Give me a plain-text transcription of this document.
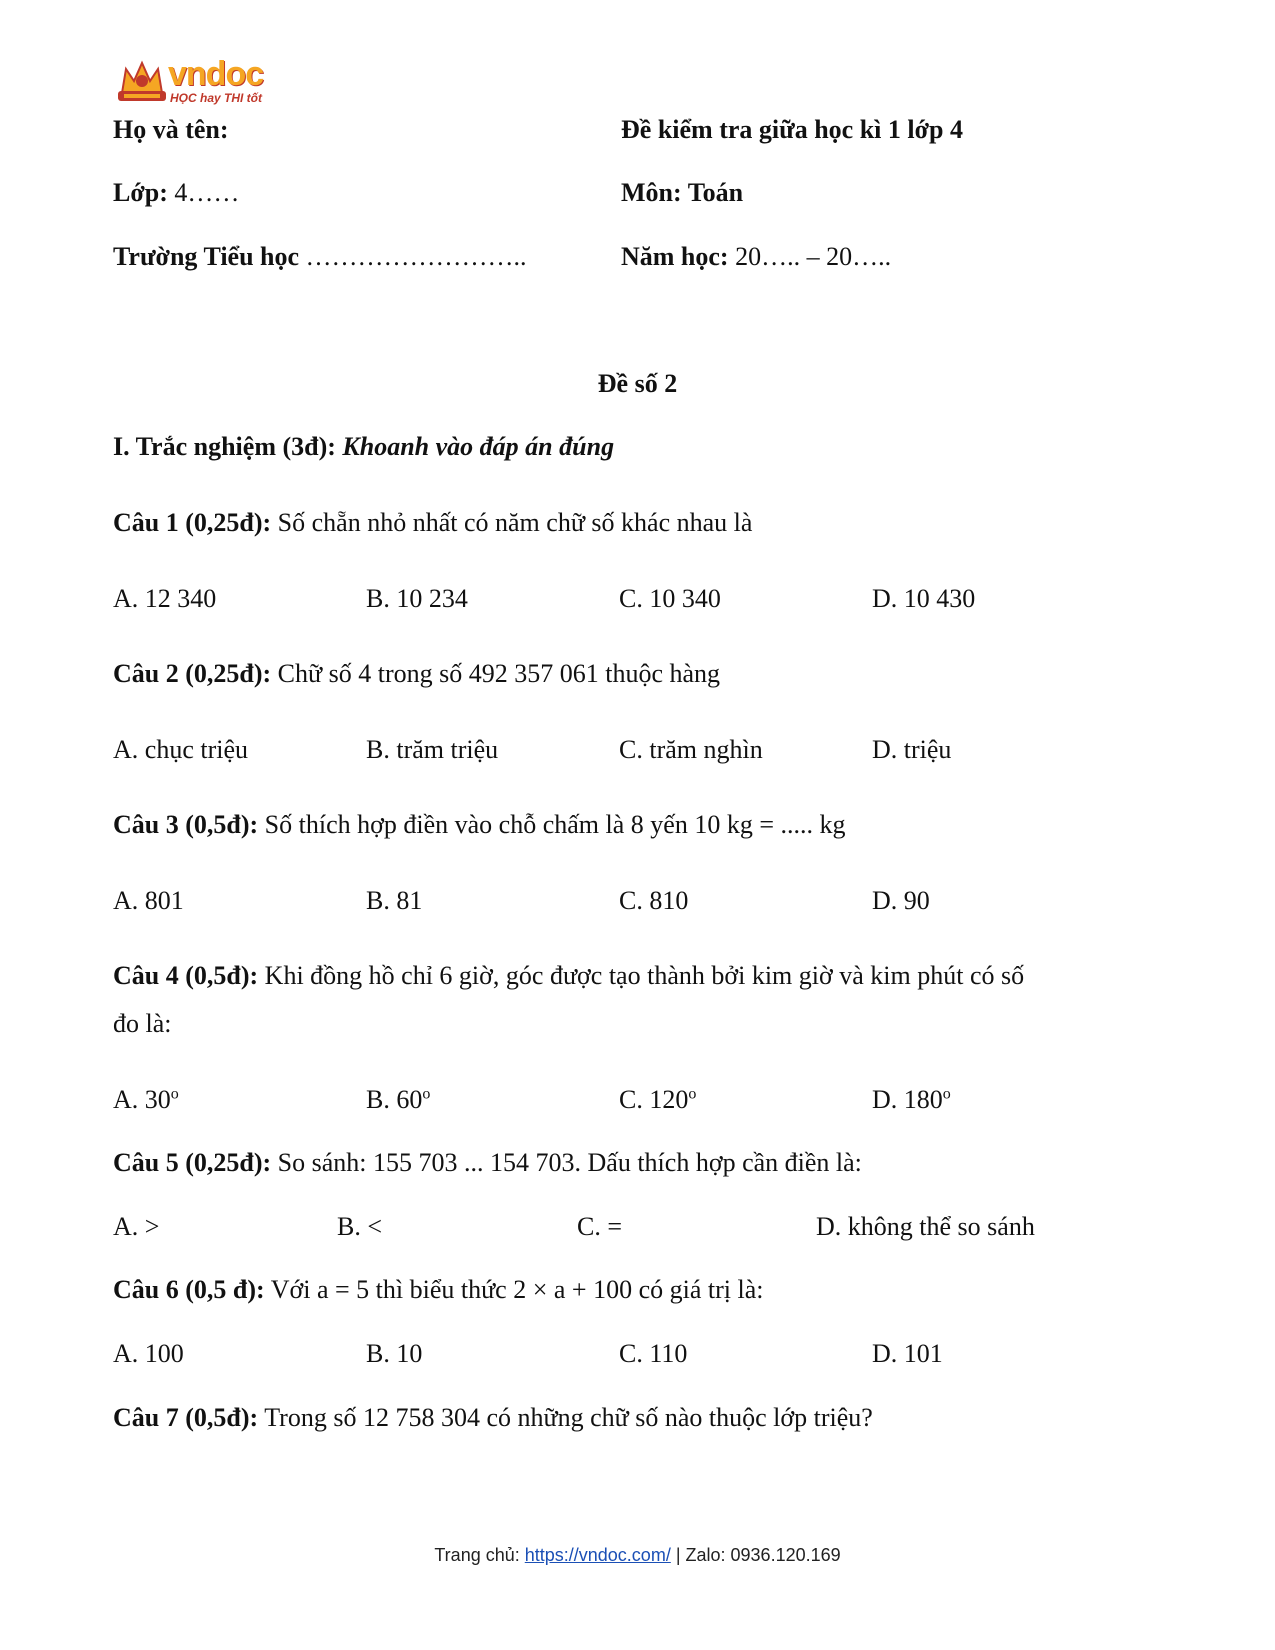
vndoc
HỌC hay THI tốt
Họ và tên:	Đề kiểm tra giữa học kì 1 lớp 4
Lớp: 4……	Môn: Toán
Trường Tiểu học ……………………..	Năm học: 20….. – 20…..
Đề số 2
I. Trắc nghiệm (3đ): Khoanh vào đáp án đúng
Câu 1 (0,25đ): Số chẵn nhỏ nhất có năm chữ số khác nhau là
A. 12 340	B. 10 234	C. 10 340	D. 10 430
Câu 2 (0,25đ): Chữ số 4 trong số 492 357 061 thuộc hàng
A. chục triệu	B. trăm triệu	C. trăm nghìn	D. triệu
Câu 3 (0,5đ): Số thích hợp điền vào chỗ chấm là 8 yến 10 kg = ..... kg
A. 801	B. 81	C. 810	D. 90
Câu 4 (0,5đ): Khi đồng hồ chỉ 6 giờ, góc được tạo thành bởi kim giờ và kim phút có số
đo là:
A. 30$^o$	B. 60$^o$	C. 120$^o$	D. 180$^o$
Câu 5 (0,25đ): So sánh: 155 703 ... 154 703. Dấu thích hợp cần điền là:
A. >	B. <	C. =	D. không thể so sánh
Câu 6 (0,5 đ): Với a = 5 thì biểu thức 2 × a + 100 có giá trị là:
A. 100	B. 10	C. 110	D. 101
Câu 7 (0,5đ): Trong số 12 758 304 có những chữ số nào thuộc lớp triệu?
Trang chủ: https://vndoc.com/ | Zalo: 0936.120.169
